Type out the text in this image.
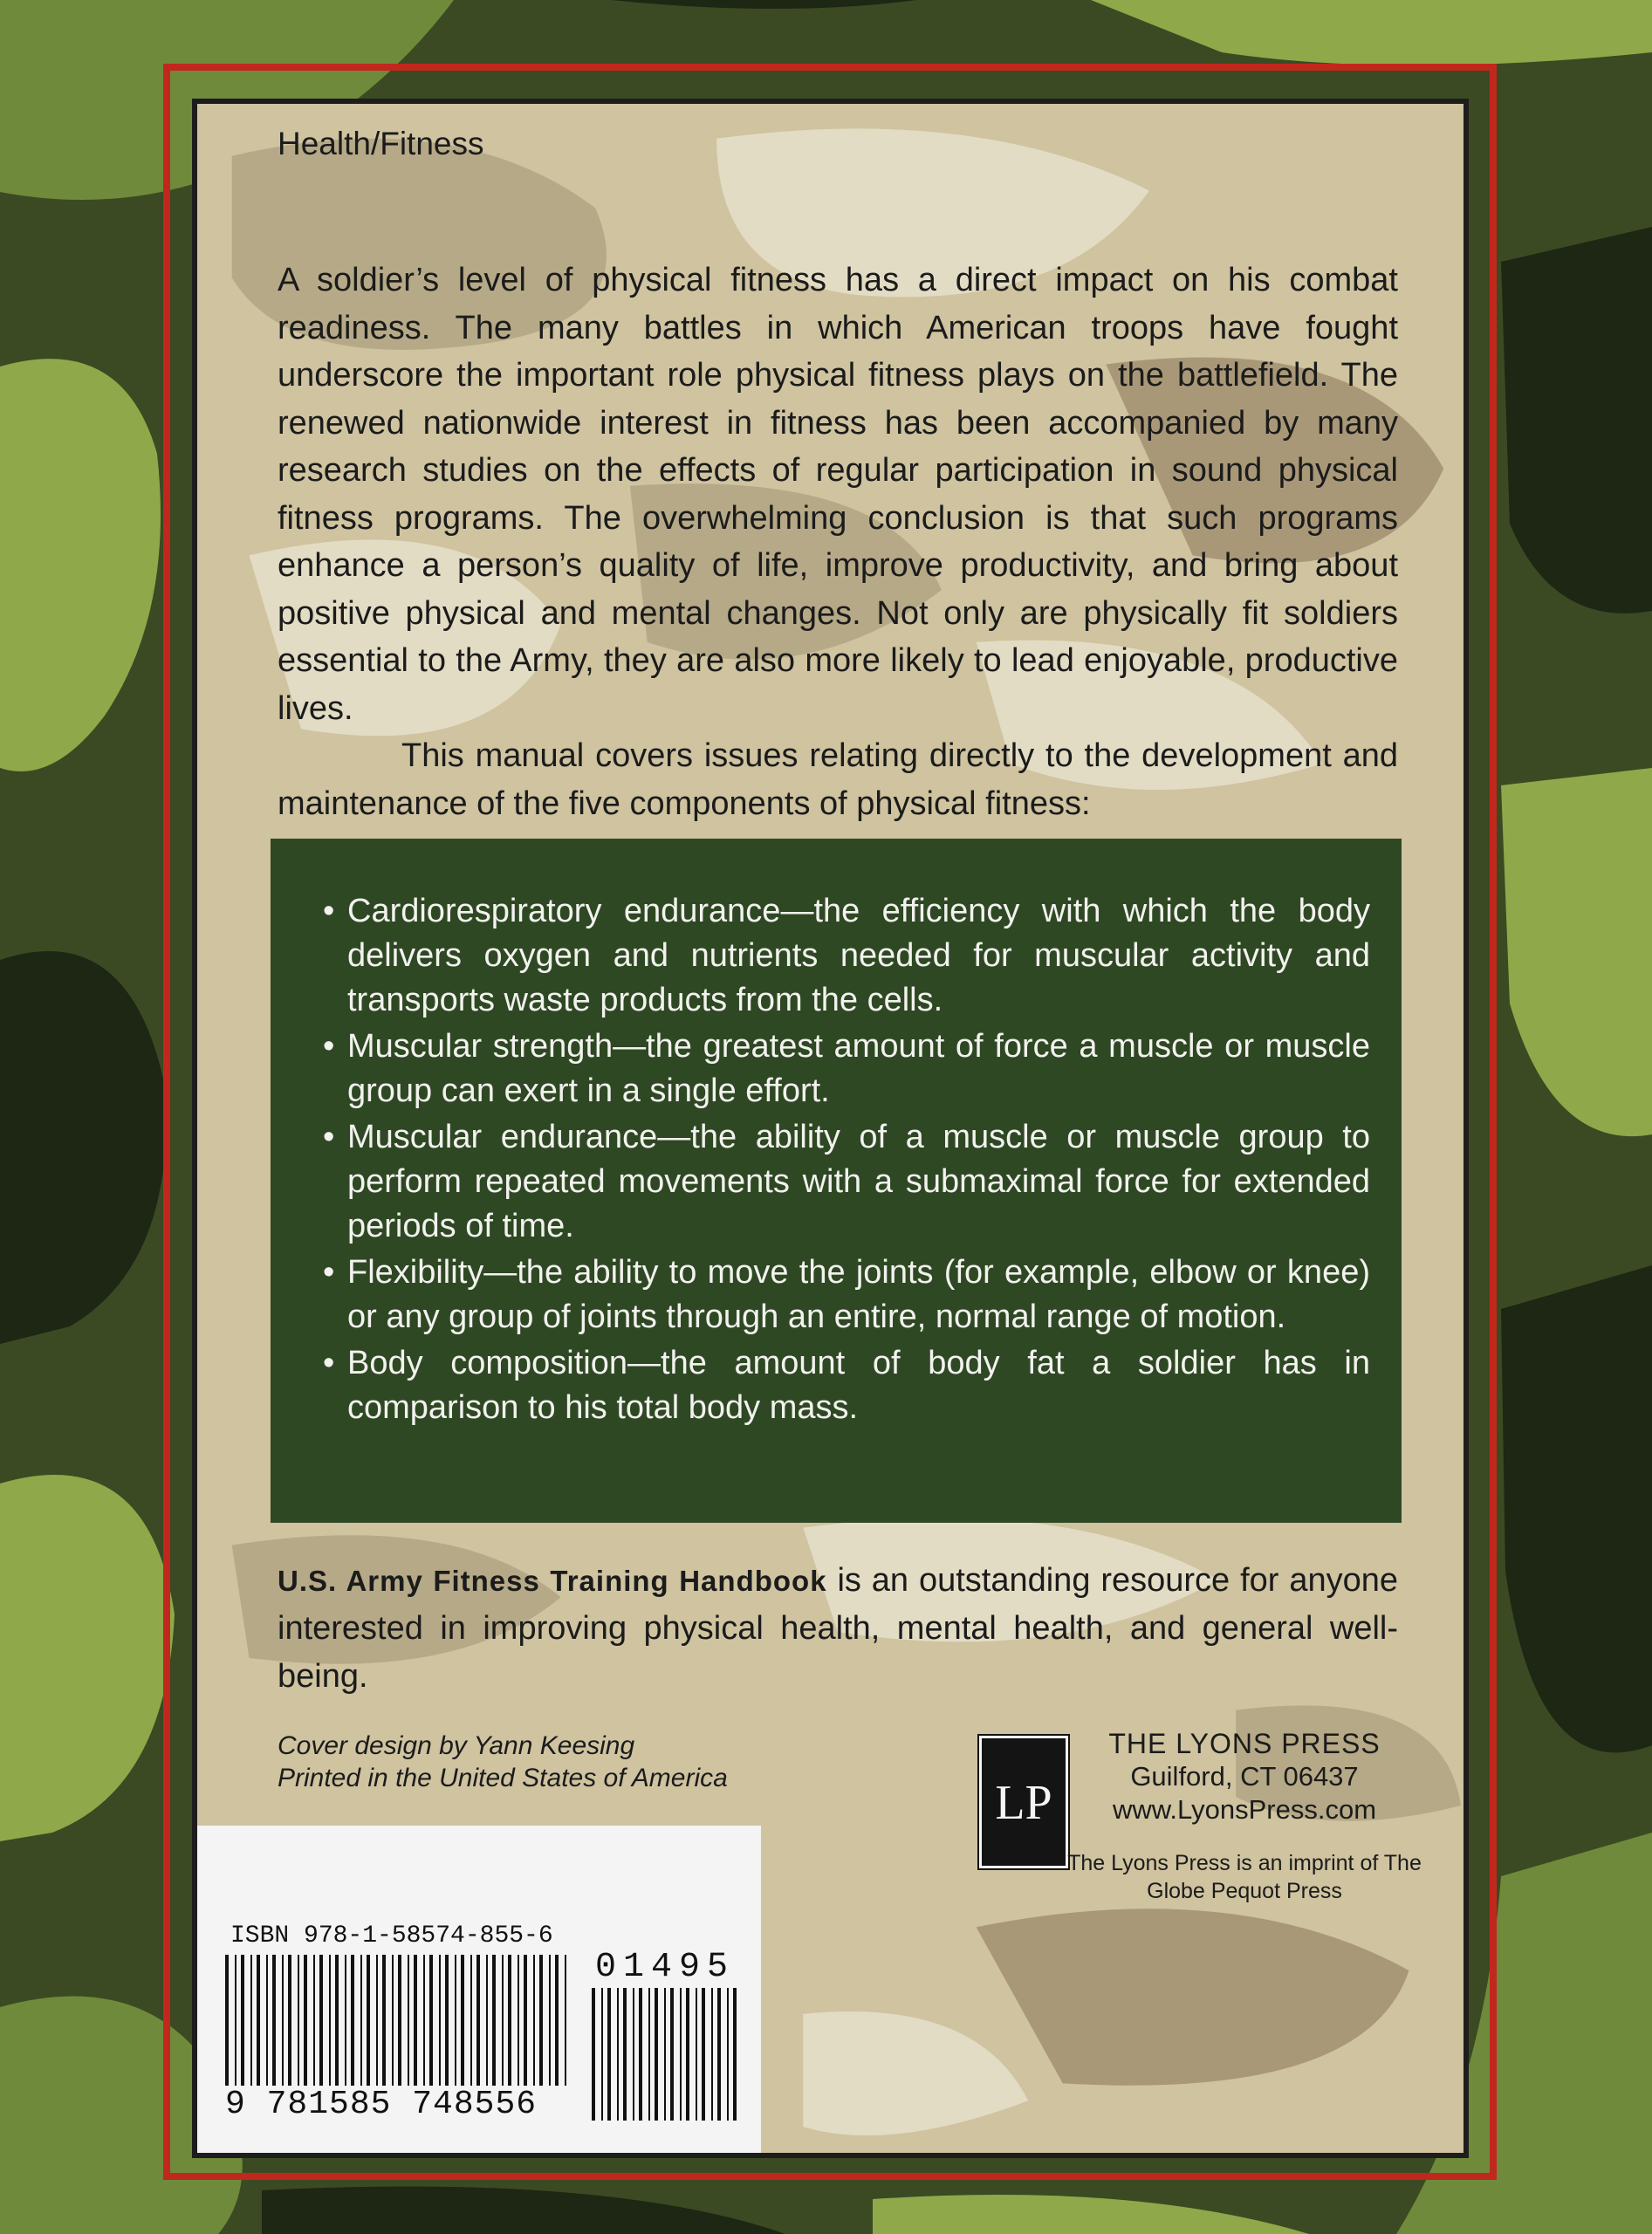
Health/Fitness

A soldier’s level of physical fitness has a direct impact on his combat readiness. The many battles in which American troops have fought underscore the important role physical fitness plays on the battlefield. The renewed nationwide interest in fitness has been accompanied by many research studies on the effects of regular participation in sound physical fitness programs. The overwhelming conclusion is that such programs enhance a person’s quality of life, improve productivity, and bring about positive physical and mental changes. Not only are physically fit soldiers essential to the Army, they are also more likely to lead enjoyable, productive lives.

This manual covers issues relating directly to the development and maintenance of the five components of physical fitness:

• Cardiorespiratory endurance—the efficiency with which the body delivers oxygen and nutrients needed for muscular activity and transports waste products from the cells.
• Muscular strength—the greatest amount of force a muscle or muscle group can exert in a single effort.
• Muscular endurance—the ability of a muscle or muscle group to perform repeated movements with a submaximal force for extended periods of time.
• Flexibility—the ability to move the joints (for example, elbow or knee) or any group of joints through an entire, normal range of motion.
• Body composition—the amount of body fat a soldier has in comparison to his total body mass.
U.S. Army Fitness Training Handbook is an outstanding resource for anyone interested in improving physical health, mental health, and general well-being.
Cover design by Yann Keesing
Printed in the United States of America	LP
THE LYONS PRESS
Guilford, CT 06437
www.LyonsPress.com
The Lyons Press is an imprint of The Globe Pequot Press
ISBN 978-1-58574-855-6
9 781585 748556
01495
